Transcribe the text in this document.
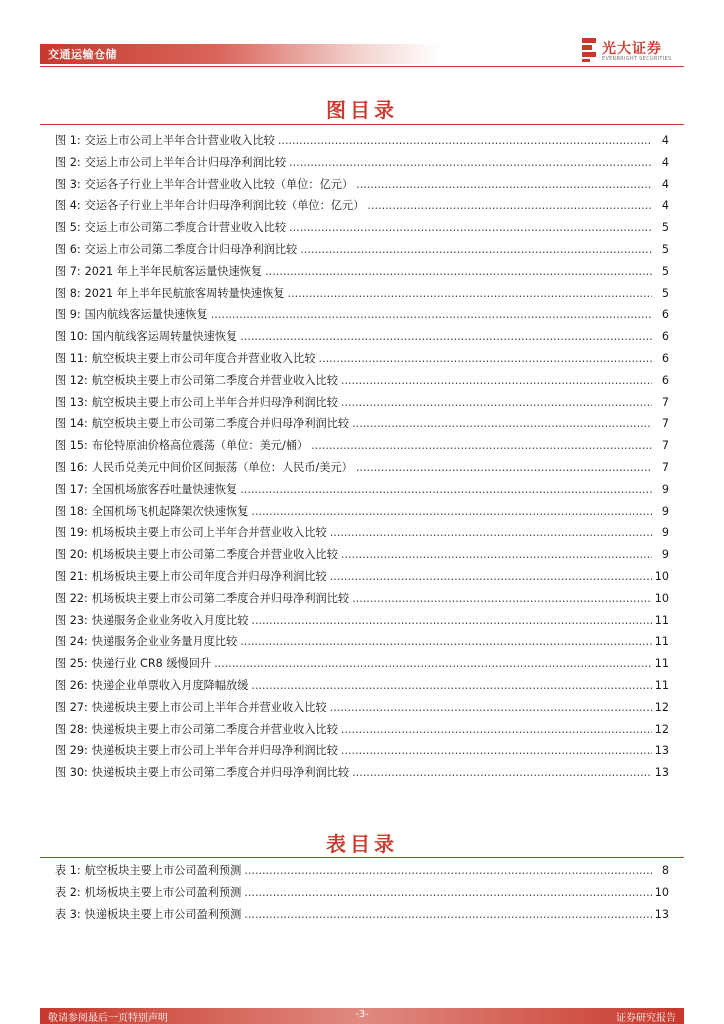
交通运输仓储	光大证券
EVERBRIGHT SECURITIES
图目录
图 1: 交运上市公司上半年合计营业收入比较 .....	4
图 2: 交运上市公司上半年合计归母净利润比较 .....	4
图 3: 交运各子行业上半年合计营业收入比较（单位：亿元） .....	4
图 4: 交运各子行业上半年合计归母净利润比较（单位：亿元） .....	4
图 5: 交运上市公司第二季度合计营业收入比较 .....	5
图 6: 交运上市公司第二季度合计归母净利润比较 .....	5
图 7: 2021 年上半年民航客运量快速恢复 .....	5
图 8: 2021 年上半年民航旅客周转量快速恢复 .....	5
图 9: 国内航线客运量快速恢复 .....	6
图 10: 国内航线客运周转量快速恢复 .....	6
图 11: 航空板块主要上市公司年度合并营业收入比较 .....	6
图 12: 航空板块主要上市公司第二季度合并营业收入比较 .....	6
图 13: 航空板块主要上市公司上半年合并归母净利润比较 .....	7
图 14: 航空板块主要上市公司第二季度合并归母净利润比较 .....	7
图 15: 布伦特原油价格高位震荡（单位：美元/桶） .....	7
图 16: 人民币兑美元中间价区间振荡（单位：人民币/美元） .....	7
图 17: 全国机场旅客吞吐量快速恢复 .....	9
图 18: 全国机场飞机起降架次快速恢复 .....	9
图 19: 机场板块主要上市公司上半年合并营业收入比较 .....	9
图 20: 机场板块主要上市公司第二季度合并营业收入比较 .....	9
图 21: 机场板块主要上市公司年度合并归母净利润比较 .....	10
图 22: 机场板块主要上市公司第二季度合并归母净利润比较 .....	10
图 23: 快递服务企业业务收入月度比较 .....	11
图 24: 快递服务企业业务量月度比较 .....	11
图 25: 快递行业 CR8 缓慢回升 .....	11
图 26: 快递企业单票收入月度降幅放缓 .....	11
图 27: 快递板块主要上市公司上半年合并营业收入比较 .....	12
图 28: 快递板块主要上市公司第二季度合并营业收入比较 .....	12
图 29: 快递板块主要上市公司上半年合并归母净利润比较 .....	13
图 30: 快递板块主要上市公司第二季度合并归母净利润比较 .....	13
表目录
表 1: 航空板块主要上市公司盈利预测 .....	8
表 2: 机场板块主要上市公司盈利预测 .....	10
表 3: 快递板块主要上市公司盈利预测 .....	13
-3-
敬请参阅最后一页特别声明	证券研究报告
